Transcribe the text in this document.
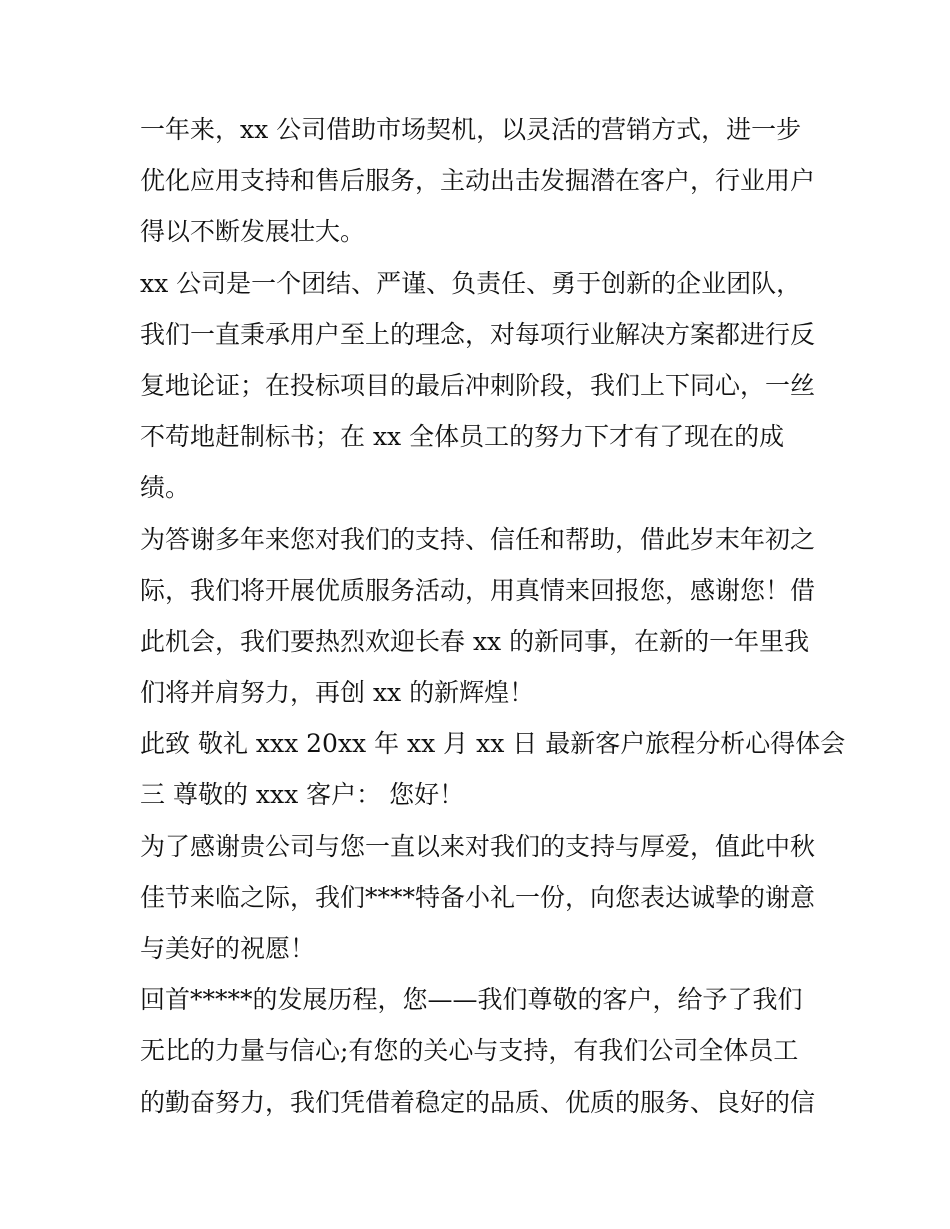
一年来，xx 公司借助市场契机，以灵活的营销方式，进一步
优化应用支持和售后服务，主动出击发掘潜在客户，行业用户
得以不断发展壮大。
xx 公司是一个团结、严谨、负责任、勇于创新的企业团队，
我们一直秉承用户至上的理念，对每项行业解决方案都进行反
复地论证；在投标项目的最后冲刺阶段，我们上下同心，一丝
不苟地赶制标书；在 xx 全体员工的努力下才有了现在的成
绩。
为答谢多年来您对我们的支持、信任和帮助，借此岁末年初之
际，我们将开展优质服务活动，用真情来回报您，感谢您！借
此机会，我们要热烈欢迎长春 xx 的新同事，在新的一年里我
们将并肩努力，再创 xx 的新辉煌！
此致 敬礼 xxx 20xx 年 xx 月 xx 日 最新客户旅程分析心得体会
三 尊敬的 xxx 客户： 您好！
为了感谢贵公司与您一直以来对我们的支持与厚爱，值此中秋
佳节来临之际，我们****特备小礼一份，向您表达诚挚的谢意
与美好的祝愿！
回首*****的发展历程，您——我们尊敬的客户，给予了我们
无比的力量与信心;有您的关心与支持，有我们公司全体员工
的勤奋努力，我们凭借着稳定的品质、优质的服务、良好的信
